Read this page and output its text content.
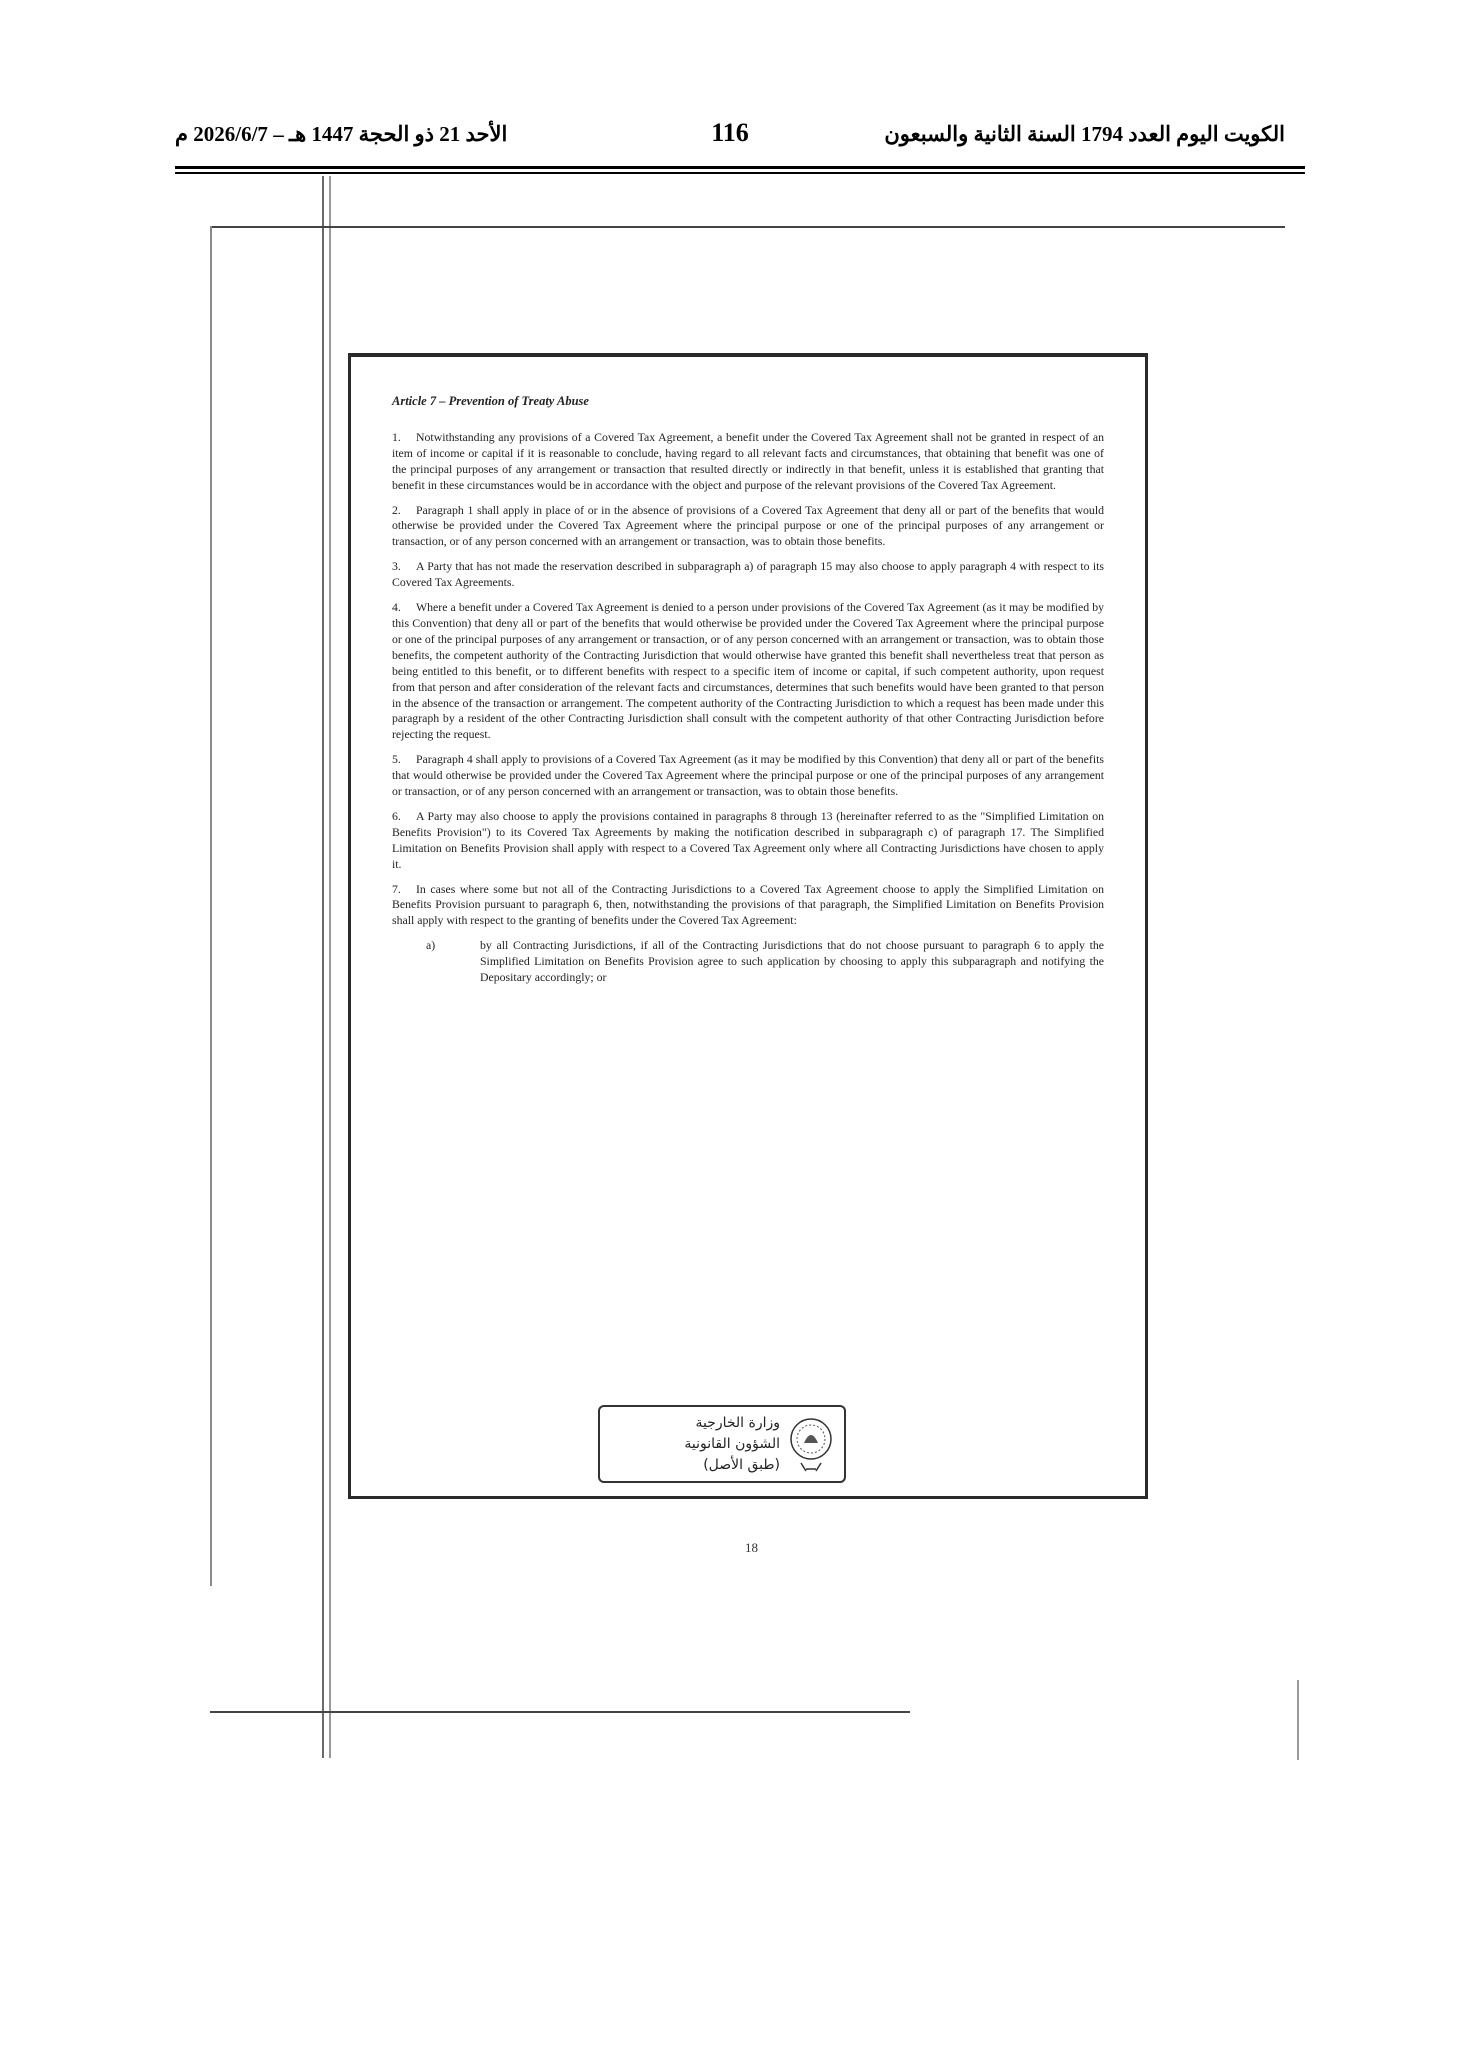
الكويت اليوم العدد 1794 السنة الثانية والسبعون
116
الأحد 21 ذو الحجة 1447 هـ – 2026/6/7 م
Article 7 – Prevention of Treaty Abuse
1. Notwithstanding any provisions of a Covered Tax Agreement, a benefit under the Covered Tax Agreement shall not be granted in respect of an item of income or capital if it is reasonable to conclude, having regard to all relevant facts and circumstances, that obtaining that benefit was one of the principal purposes of any arrangement or transaction that resulted directly or indirectly in that benefit, unless it is established that granting that benefit in these circumstances would be in accordance with the object and purpose of the relevant provisions of the Covered Tax Agreement.
2. Paragraph 1 shall apply in place of or in the absence of provisions of a Covered Tax Agreement that deny all or part of the benefits that would otherwise be provided under the Covered Tax Agreement where the principal purpose or one of the principal purposes of any arrangement or transaction, or of any person concerned with an arrangement or transaction, was to obtain those benefits.
3. A Party that has not made the reservation described in subparagraph a) of paragraph 15 may also choose to apply paragraph 4 with respect to its Covered Tax Agreements.
4. Where a benefit under a Covered Tax Agreement is denied to a person under provisions of the Covered Tax Agreement (as it may be modified by this Convention) that deny all or part of the benefits that would otherwise be provided under the Covered Tax Agreement where the principal purpose or one of the principal purposes of any arrangement or transaction, or of any person concerned with an arrangement or transaction, was to obtain those benefits, the competent authority of the Contracting Jurisdiction that would otherwise have granted this benefit shall nevertheless treat that person as being entitled to this benefit, or to different benefits with respect to a specific item of income or capital, if such competent authority, upon request from that person and after consideration of the relevant facts and circumstances, determines that such benefits would have been granted to that person in the absence of the transaction or arrangement. The competent authority of the Contracting Jurisdiction to which a request has been made under this paragraph by a resident of the other Contracting Jurisdiction shall consult with the competent authority of that other Contracting Jurisdiction before rejecting the request.
5. Paragraph 4 shall apply to provisions of a Covered Tax Agreement (as it may be modified by this Convention) that deny all or part of the benefits that would otherwise be provided under the Covered Tax Agreement where the principal purpose or one of the principal purposes of any arrangement or transaction, or of any person concerned with an arrangement or transaction, was to obtain those benefits.
6. A Party may also choose to apply the provisions contained in paragraphs 8 through 13 (hereinafter referred to as the "Simplified Limitation on Benefits Provision") to its Covered Tax Agreements by making the notification described in subparagraph c) of paragraph 17. The Simplified Limitation on Benefits Provision shall apply with respect to a Covered Tax Agreement only where all Contracting Jurisdictions have chosen to apply it.
7. In cases where some but not all of the Contracting Jurisdictions to a Covered Tax Agreement choose to apply the Simplified Limitation on Benefits Provision pursuant to paragraph 6, then, notwithstanding the provisions of that paragraph, the Simplified Limitation on Benefits Provision shall apply with respect to the granting of benefits under the Covered Tax Agreement:
a)	by all Contracting Jurisdictions, if all of the Contracting Jurisdictions that do not choose pursuant to paragraph 6 to apply the Simplified Limitation on Benefits Provision agree to such application by choosing to apply this subparagraph and notifying the Depositary accordingly; or
وزارة الخارجية
الشؤون القانونية
(طبق الأصل)
18
